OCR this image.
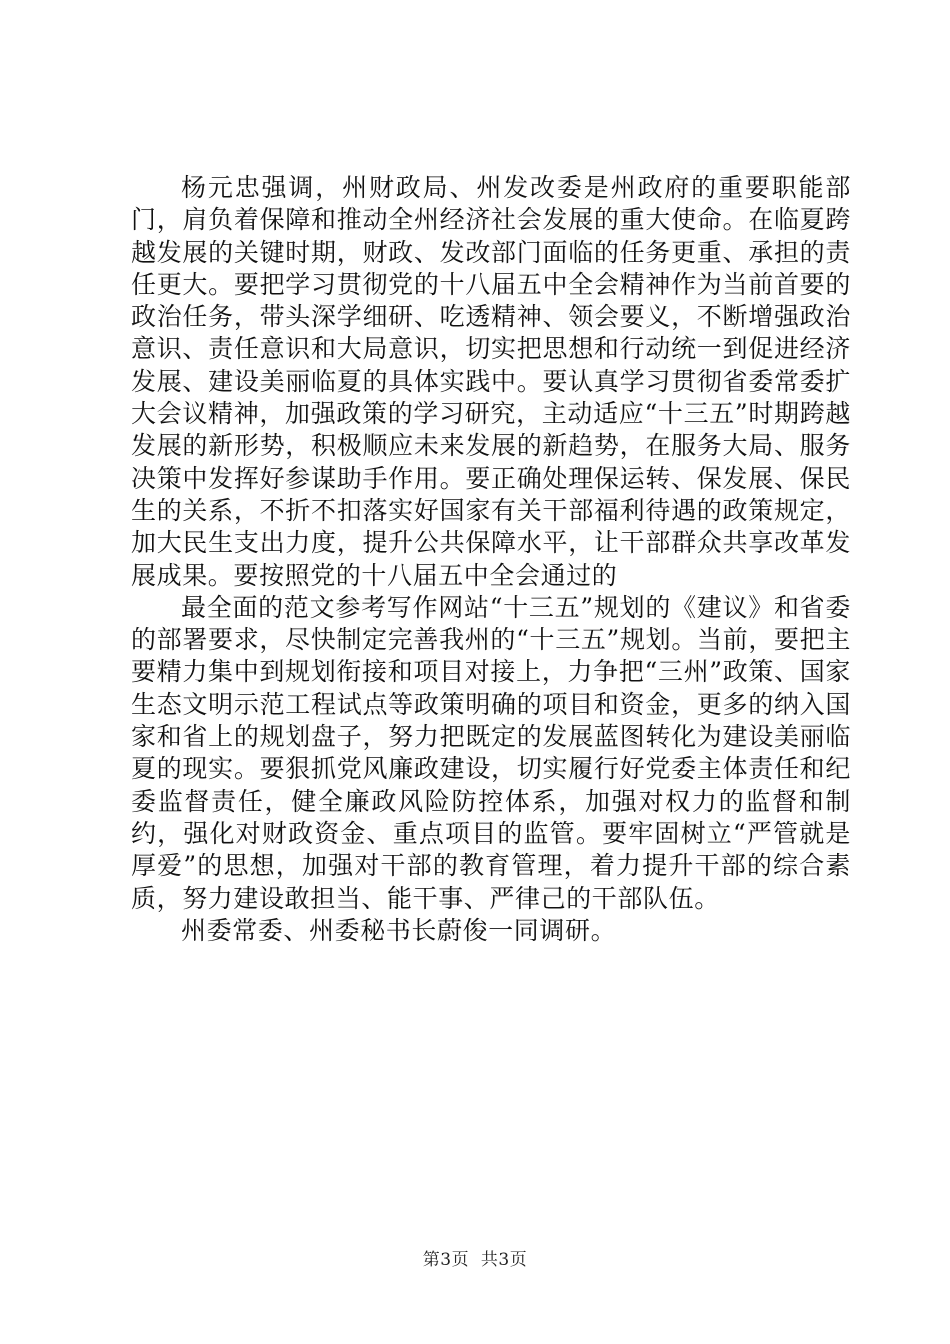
杨元忠强调，州财政局、州发改委是州政府的重要职能部门，肩负着保障和推动全州经济社会发展的重大使命。在临夏跨越发展的关键时期，财政、发改部门面临的任务更重、承担的责任更大。要把学习贯彻党的十八届五中全会精神作为当前首要的政治任务，带头深学细研、吃透精神、领会要义，不断增强政治意识、责任意识和大局意识，切实把思想和行动统一到促进经济发展、建设美丽临夏的具体实践中。要认真学习贯彻省委常委扩大会议精神，加强政策的学习研究，主动适应“十三五”时期跨越发展的新形势，积极顺应未来发展的新趋势，在服务大局、服务决策中发挥好参谋助手作用。要正确处理保运转、保发展、保民生的关系，不折不扣落实好国家有关干部福利待遇的政策规定，加大民生支出力度，提升公共保障水平，让干部群众共享改革发展成果。要按照党的十八届五中全会通过的

最全面的范文参考写作网站“十三五”规划的《建议》和省委的部署要求，尽快制定完善我州的“十三五”规划。当前，要把主要精力集中到规划衔接和项目对接上，力争把“三州”政策、国家生态文明示范工程试点等政策明确的项目和资金，更多的纳入国家和省上的规划盘子，努力把既定的发展蓝图转化为建设美丽临夏的现实。要狠抓党风廉政建设，切实履行好党委主体责任和纪委监督责任，健全廉政风险防控体系，加强对权力的监督和制约，强化对财政资金、重点项目的监管。要牢固树立“严管就是厚爱”的思想，加强对干部的教育管理，着力提升干部的综合素质，努力建设敢担当、能干事、严律己的干部队伍。

州委常委、州委秘书长蔚俊一同调研。

第3页 共3页
